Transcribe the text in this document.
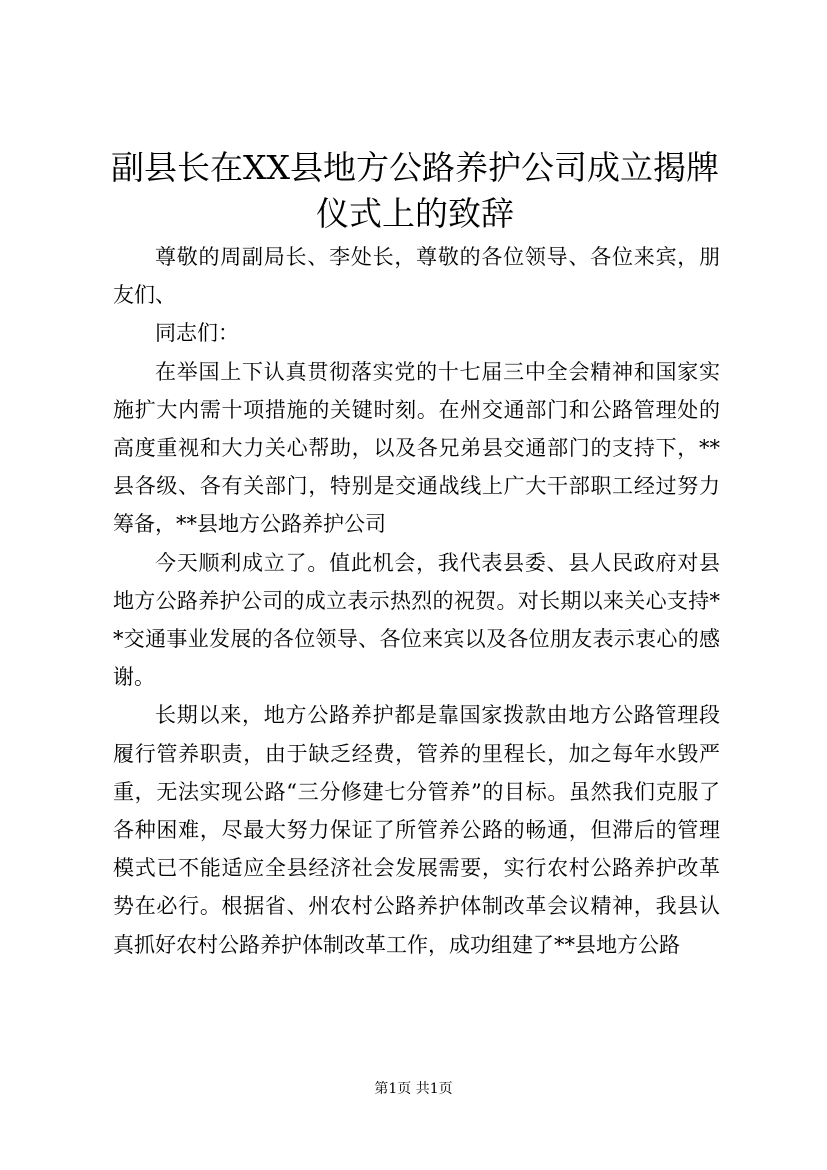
副县长在XX县地方公路养护公司成立揭牌仪式上的致辞

尊敬的周副局长、李处长，尊敬的各位领导、各位来宾，朋友们、

同志们：

在举国上下认真贯彻落实党的十七届三中全会精神和国家实施扩大内需十项措施的关键时刻。在州交通部门和公路管理处的高度重视和大力关心帮助，以及各兄弟县交通部门的支持下，**县各级、各有关部门，特别是交通战线上广大干部职工经过努力筹备，**县地方公路养护公司

今天顺利成立了。值此机会，我代表县委、县人民政府对县地方公路养护公司的成立表示热烈的祝贺。对长期以来关心支持**交通事业发展的各位领导、各位来宾以及各位朋友表示衷心的感谢。

长期以来，地方公路养护都是靠国家拨款由地方公路管理段履行管养职责，由于缺乏经费，管养的里程长，加之每年水毁严重，无法实现公路“三分修建七分管养”的目标。虽然我们克服了各种困难，尽最大努力保证了所管养公路的畅通，但滞后的管理模式已不能适应全县经济社会发展需要，实行农村公路养护改革势在必行。根据省、州农村公路养护体制改革会议精神，我县认真抓好农村公路养护体制改革工作，成功组建了**县地方公路

第1页 共1页
